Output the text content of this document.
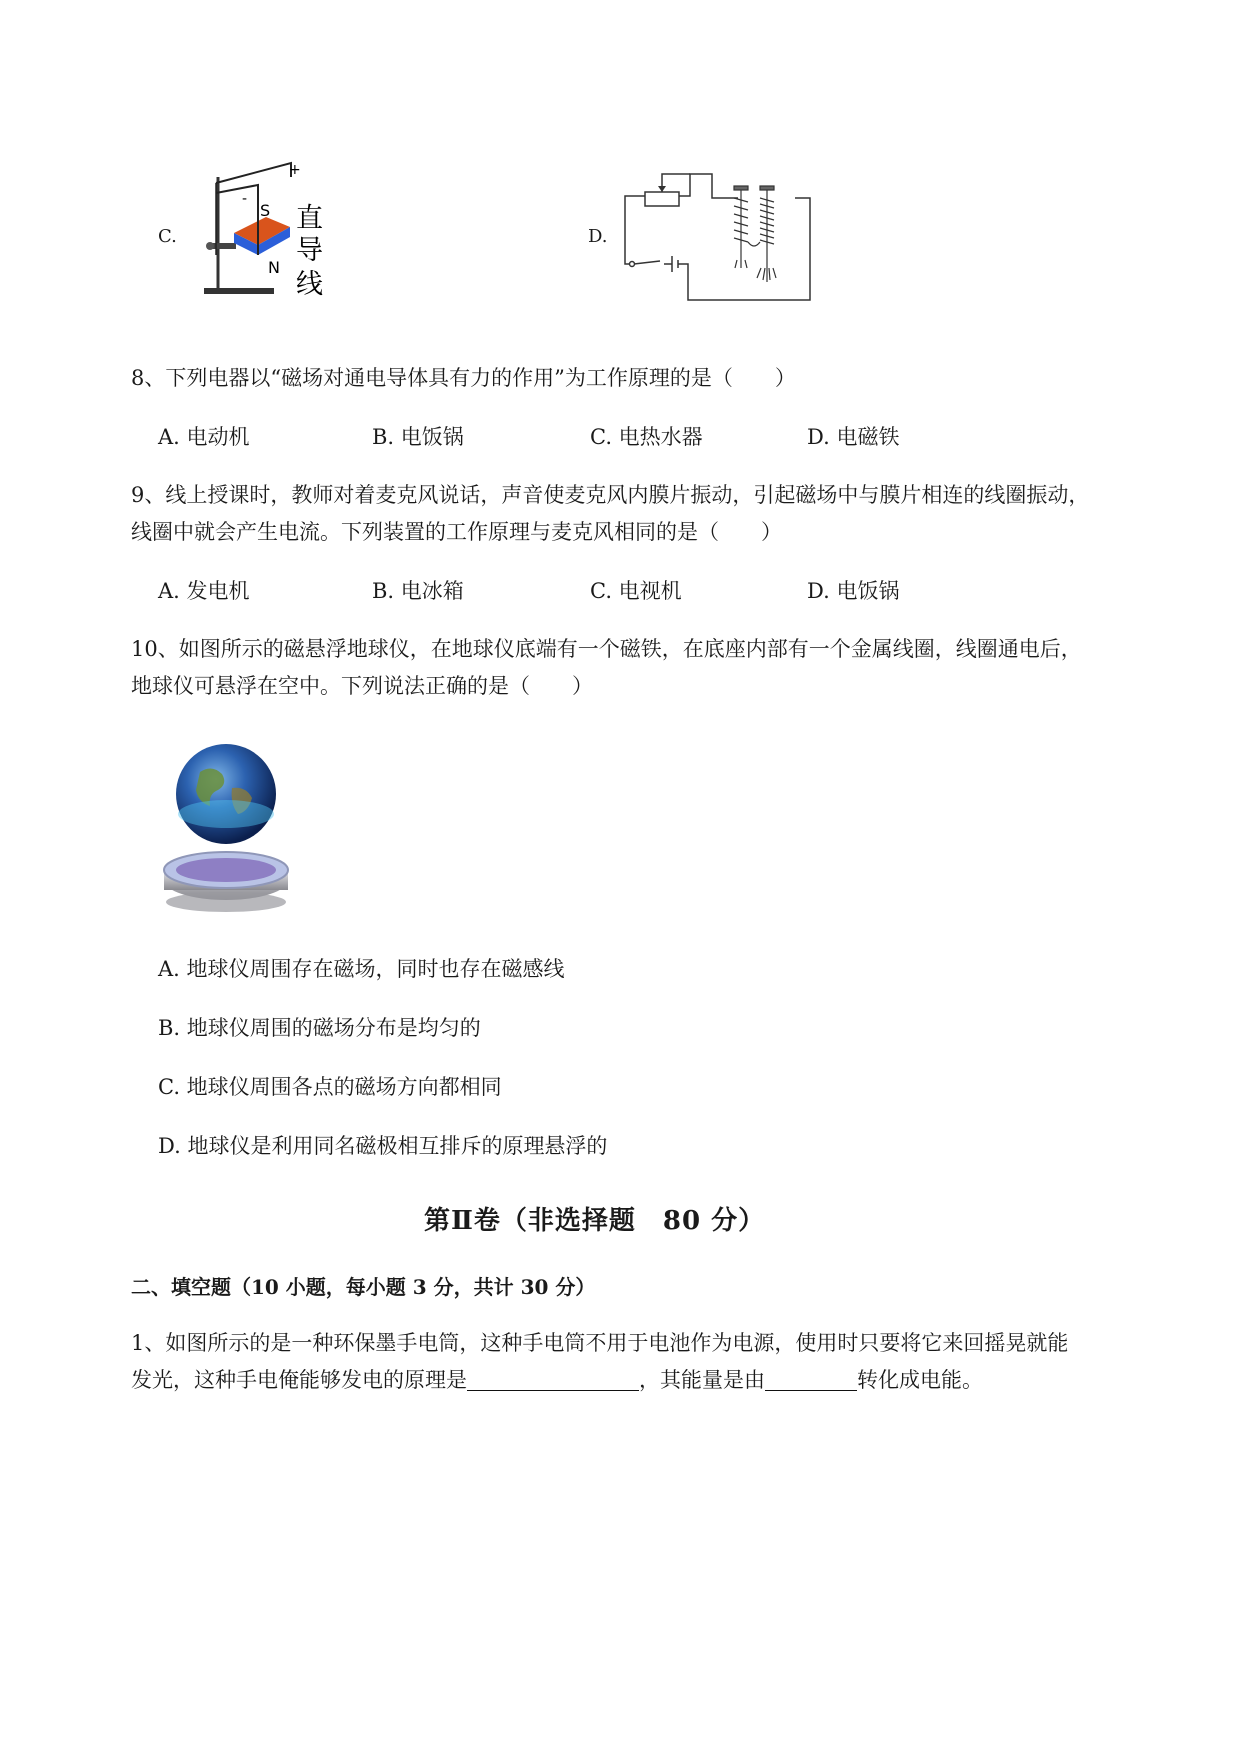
C.
+
-
S
N
直
导
线
D.
8、下列电器以“磁场对通电导体具有力的作用”为工作原理的是（　　）
A. 电动机	B. 电饭锅	C. 电热水器	D. 电磁铁
9、线上授课时，教师对着麦克风说话，声音使麦克风内膜片振动，引起磁场中与膜片相连的线圈振动，
线圈中就会产生电流。下列装置的工作原理与麦克风相同的是（　　）
A. 发电机	B. 电冰箱	C. 电视机	D. 电饭锅
10、如图所示的磁悬浮地球仪，在地球仪底端有一个磁铁，在底座内部有一个金属线圈，线圈通电后，
地球仪可悬浮在空中。下列说法正确的是（　　）
A. 地球仪周围存在磁场，同时也存在磁感线
B. 地球仪周围的磁场分布是均匀的
C. 地球仪周围各点的磁场方向都相同
D. 地球仪是利用同名磁极相互排斥的原理悬浮的
第Ⅱ卷（非选择题　80 分）
二、填空题（10 小题，每小题 3 分，共计 30 分）
1、如图所示的是一种环保墨手电筒，这种手电筒不用于电池作为电源，使用时只要将它来回摇晃就能
发光，这种手电俺能够发电的原理是	，其能量是由	转化成电能。
